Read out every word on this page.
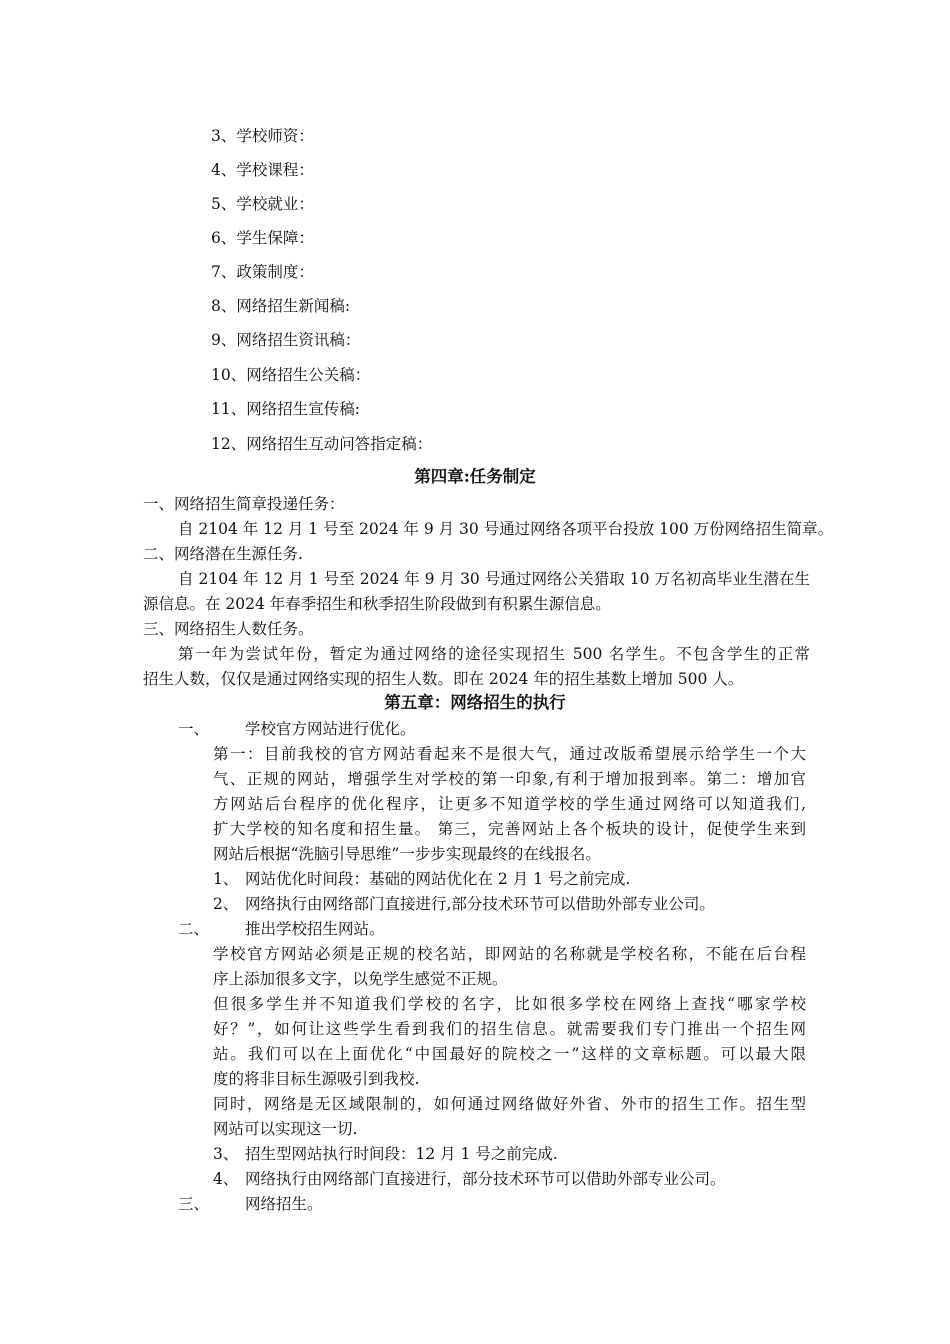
3、学校师资：
4、学校课程：
5、学校就业：
6、学生保障：
7、政策制度：
8、网络招生新闻稿:
9、网络招生资讯稿：
10、网络招生公关稿：
11、网络招生宣传稿:
12、网络招生互动问答指定稿：
第四章:任务制定
一、网络招生简章投递任务：
自 2104 年 12 月 1 号至 2024 年 9 月 30 号通过网络各项平台投放 100 万份网络招生简章。
二、网络潜在生源任务.
自 2104 年 12 月 1 号至 2024 年 9 月 30 号通过网络公关猎取 10 万名初高毕业生潜在生
源信息。在 2024 年春季招生和秋季招生阶段做到有积累生源信息。
三、网络招生人数任务。
第一年为尝试年份，暂定为通过网络的途径实现招生 500 名学生。不包含学生的正常
招生人数，仅仅是通过网络实现的招生人数。即在 2024 年的招生基数上增加 500 人。
第五章：网络招生的执行
一、 学校官方网站进行优化。
第一：目前我校的官方网站看起来不是很大气，通过改版希望展示给学生一个大
气、正规的网站，增强学生对学校的第一印象,有利于增加报到率。第二：增加官
方网站后台程序的优化程序，让更多不知道学校的学生通过网络可以知道我们,
扩大学校的知名度和招生量。 第三，完善网站上各个板块的设计，促使学生来到
网站后根据“洗脑引导思维”一步步实现最终的在线报名。
1、 网站优化时间段：基础的网站优化在 2 月 1 号之前完成.
2、 网络执行由网络部门直接进行,部分技术环节可以借助外部专业公司。
二、 推出学校招生网站。
学校官方网站必须是正规的校名站，即网站的名称就是学校名称，不能在后台程
序上添加很多文字，以免学生感觉不正规。
但很多学生并不知道我们学校的名字，比如很多学校在网络上查找“哪家学校
好？”，如何让这些学生看到我们的招生信息。就需要我们专门推出一个招生网
站。我们可以在上面优化“中国最好的院校之一”这样的文章标题。可以最大限
度的将非目标生源吸引到我校.
同时，网络是无区域限制的，如何通过网络做好外省、外市的招生工作。招生型
网站可以实现这一切.
3、 招生型网站执行时间段：12 月 1 号之前完成.
4、 网络执行由网络部门直接进行，部分技术环节可以借助外部专业公司。
三、 网络招生。
